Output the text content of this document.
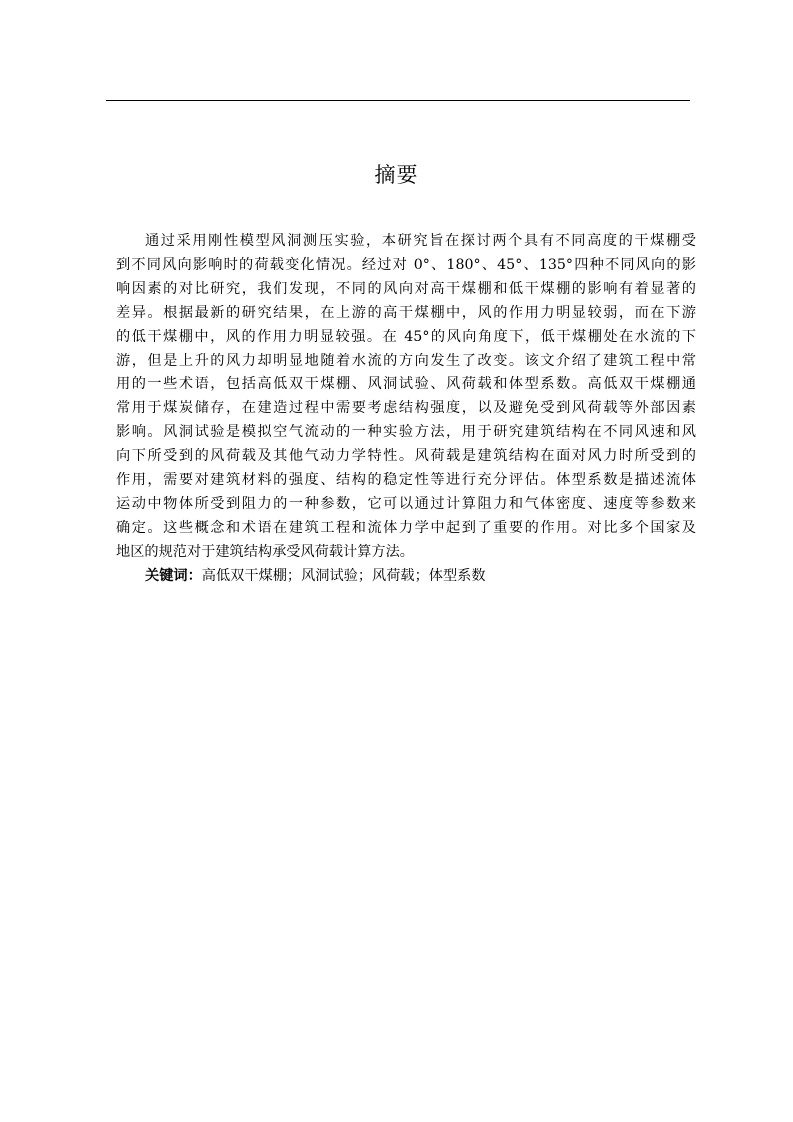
摘要
通过采用刚性模型风洞测压实验，本研究旨在探讨两个具有不同高度的干煤棚受
到不同风向影响时的荷载变化情况。经过对 0°、180°、45°、135°四种不同风向的影
响因素的对比研究，我们发现，不同的风向对高干煤棚和低干煤棚的影响有着显著的
差异。根据最新的研究结果，在上游的高干煤棚中，风的作用力明显较弱，而在下游
的低干煤棚中，风的作用力明显较强。在 45°的风向角度下，低干煤棚处在水流的下
游，但是上升的风力却明显地随着水流的方向发生了改变。该文介绍了建筑工程中常
用的一些术语，包括高低双干煤棚、风洞试验、风荷载和体型系数。高低双干煤棚通
常用于煤炭储存，在建造过程中需要考虑结构强度，以及避免受到风荷载等外部因素
影响。风洞试验是模拟空气流动的一种实验方法，用于研究建筑结构在不同风速和风
向下所受到的风荷载及其他气动力学特性。风荷载是建筑结构在面对风力时所受到的
作用，需要对建筑材料的强度、结构的稳定性等进行充分评估。体型系数是描述流体
运动中物体所受到阻力的一种参数，它可以通过计算阻力和气体密度、速度等参数来
确定。这些概念和术语在建筑工程和流体力学中起到了重要的作用。对比多个国家及
地区的规范对于建筑结构承受风荷载计算方法。
关键词：高低双干煤棚；风洞试验；风荷载；体型系数
